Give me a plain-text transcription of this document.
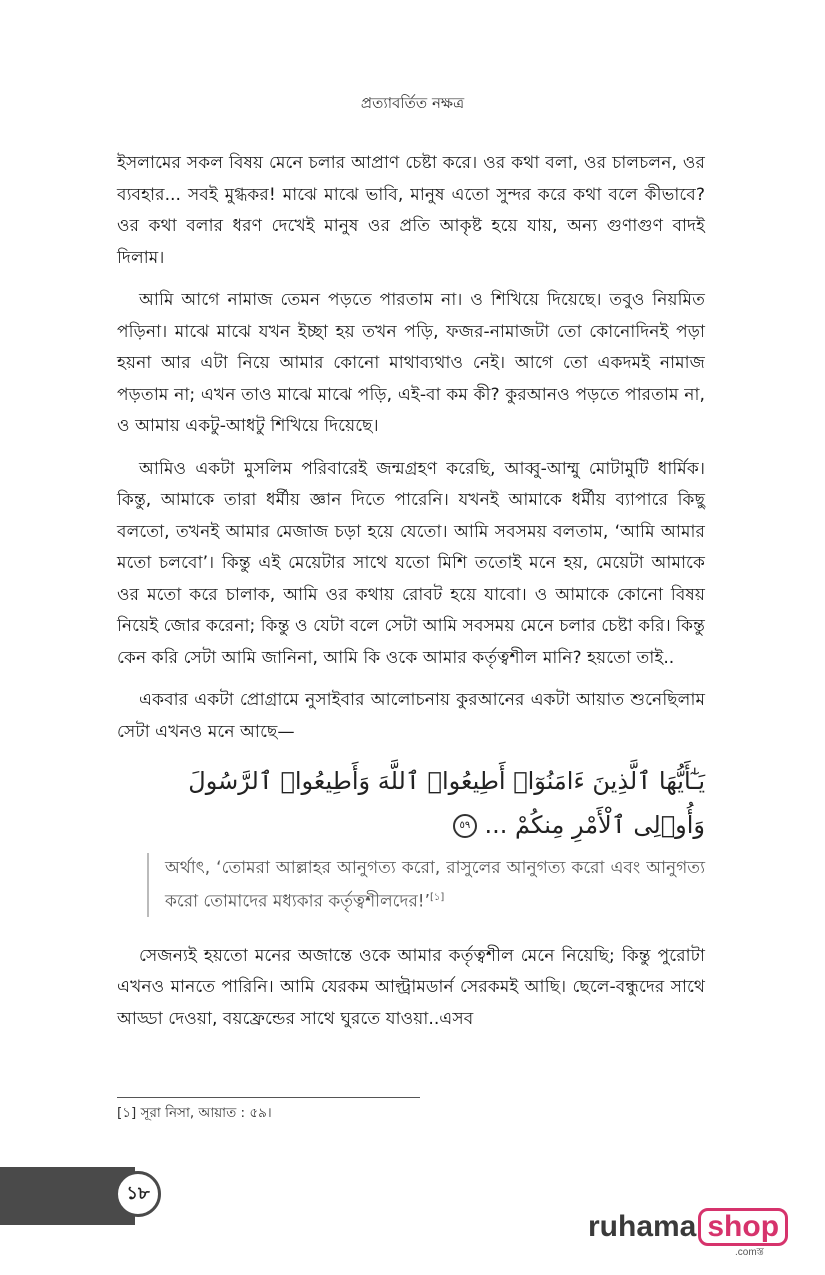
প্রত্যাবর্তিত নক্ষত্র

ইসলামের সকল বিষয় মেনে চলার আপ্রাণ চেষ্টা করে। ওর কথা বলা, ওর চালচলন, ওর ব্যবহার... সবই মুগ্ধকর! মাঝে মাঝে ভাবি, মানুষ এতো সুন্দর করে কথা বলে কীভাবে? ওর কথা বলার ধরণ দেখেই মানুষ ওর প্রতি আকৃষ্ট হয়ে যায়, অন্য গুণাগুণ বাদই দিলাম।

আমি আগে নামাজ তেমন পড়তে পারতাম না। ও শিখিয়ে দিয়েছে। তবুও নিয়মিত পড়িনা। মাঝে মাঝে যখন ইচ্ছা হয় তখন পড়ি, ফজর-নামাজটা তো কোনোদিনই পড়া হয়না আর এটা নিয়ে আমার কোনো মাথাব্যথাও নেই। আগে তো একদমই নামাজ পড়তাম না; এখন তাও মাঝে মাঝে পড়ি, এই-বা কম কী? কুরআনও পড়তে পারতাম না, ও আমায় একটু-আধটু শিখিয়ে দিয়েছে।

আমিও একটা মুসলিম পরিবারেই জন্মগ্রহণ করেছি, আব্বু-আম্মু মোটামুটি ধার্মিক। কিন্তু, আমাকে তারা ধর্মীয় জ্ঞান দিতে পারেনি। যখনই আমাকে ধর্মীয় ব্যাপারে কিছু বলতো, তখনই আমার মেজাজ চড়া হয়ে যেতো। আমি সবসময় বলতাম, ‘আমি আমার মতো চলবো’। কিন্তু এই মেয়েটার সাথে যতো মিশি ততোই মনে হয়, মেয়েটা আমাকে ওর মতো করে চালাক, আমি ওর কথায় রোবট হয়ে যাবো। ও আমাকে কোনো বিষয় নিয়েই জোর করেনা; কিন্তু ও যেটা বলে সেটা আমি সবসময় মেনে চলার চেষ্টা করি। কিন্তু কেন করি সেটা আমি জানিনা, আমি কি ওকে আমার কর্তৃত্বশীল মানি? হয়তো তাই..

একবার একটা প্রোগ্রামে নুসাইবার আলোচনায় কুরআনের একটা আয়াত শুনেছিলাম সেটা এখনও মনে আছে—

يَـٰٓأَيُّهَا ٱلَّذِينَ ءَامَنُوٓا۟ أَطِيعُوا۟ ٱللَّهَ وَأَطِيعُوا۟ ٱلرَّسُولَ وَأُو۟لِى ٱلْأَمْرِ مِنكُمْ ... ٥٩
অর্থাৎ, ‘তোমরা আল্লাহর আনুগত্য করো, রাসুলের আনুগত্য করো এবং আনুগত্য করো তোমাদের মধ্যকার কর্তৃত্বশীলদের!’[১]

সেজন্যই হয়তো মনের অজান্তে ওকে আমার কর্তৃত্বশীল মেনে নিয়েছি; কিন্তু পুরোটা এখনও মানতে পারিনি। আমি যেরকম আল্ট্রামডার্ন সেরকমই আছি। ছেলে-বন্ধুদের সাথে আড্ডা দেওয়া, বয়ফ্রেন্ডের সাথে ঘুরতে যাওয়া..এসব

[১] সূরা নিসা, আয়াত : ৫৯।
১৮
ruhama shop
.comস্ত
